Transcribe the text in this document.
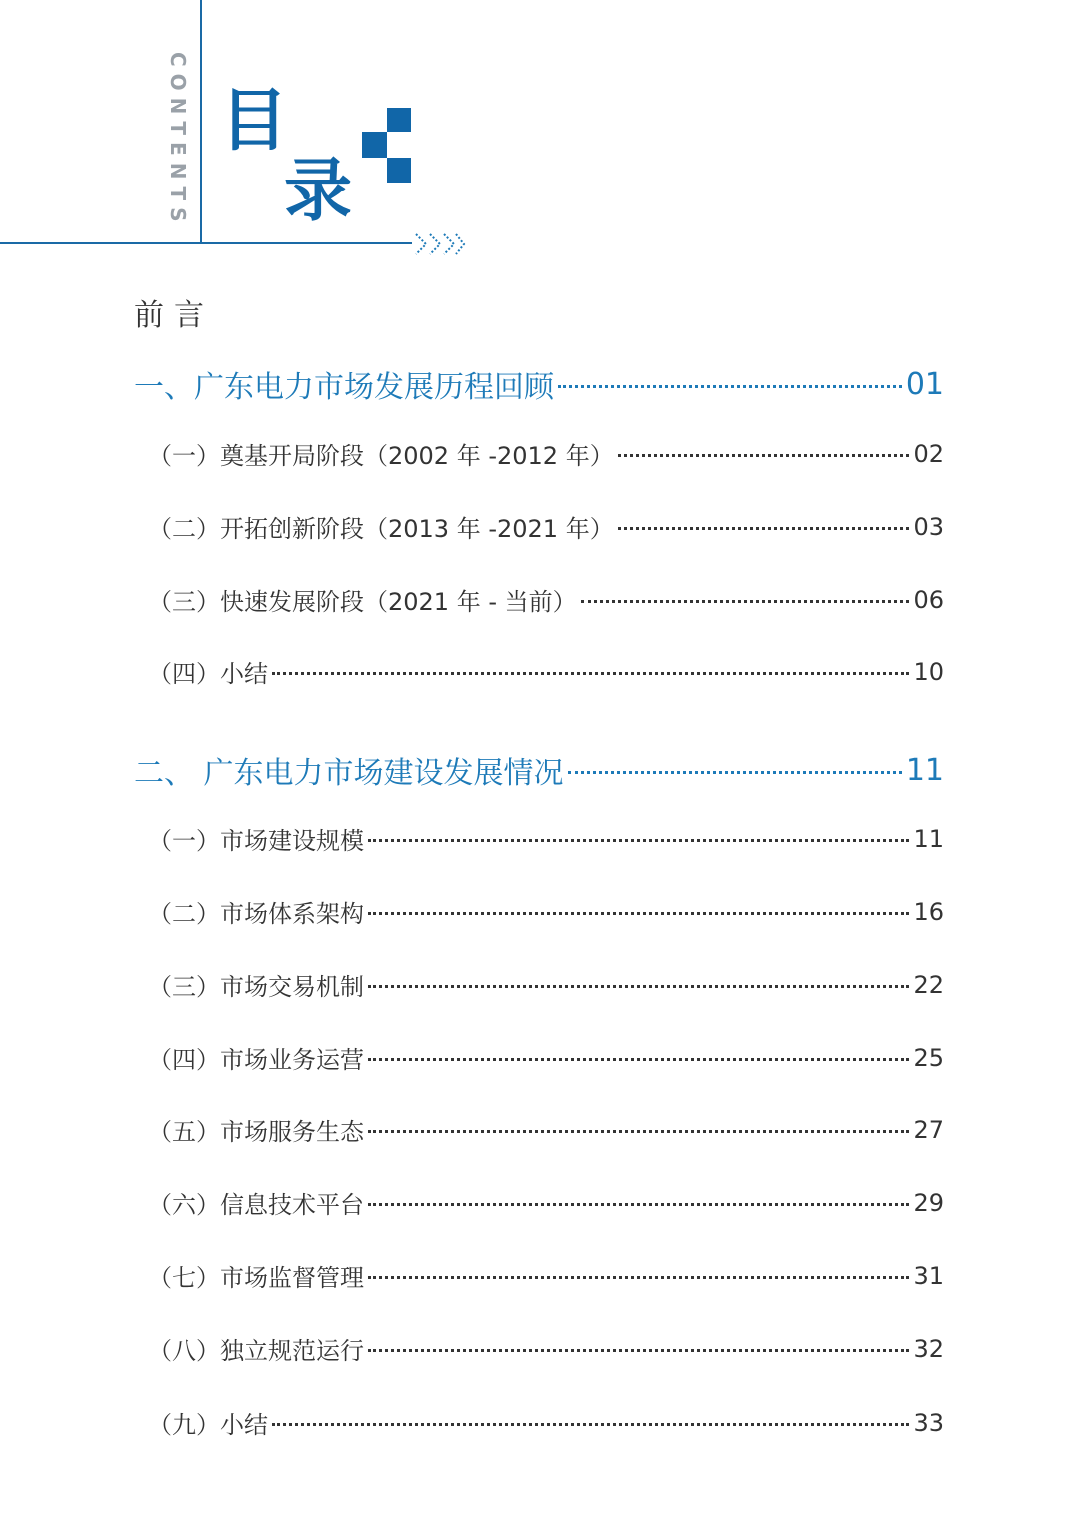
CONTENTS 目
录
前言
一、广东电力市场发展历程回顾	01
（一）奠基开局阶段（2002 年 -2012 年）	02
（二）开拓创新阶段（2013 年 -2021 年）	03
（三）快速发展阶段（2021 年 - 当前）	06
（四）小结	10
二、 广东电力市场建设发展情况	11
（一）市场建设规模	11
（二）市场体系架构	16
（三）市场交易机制	22
（四）市场业务运营	25
（五）市场服务生态	27
（六）信息技术平台	29
（七）市场监督管理	31
（八）独立规范运行	32
（九）小结	33
